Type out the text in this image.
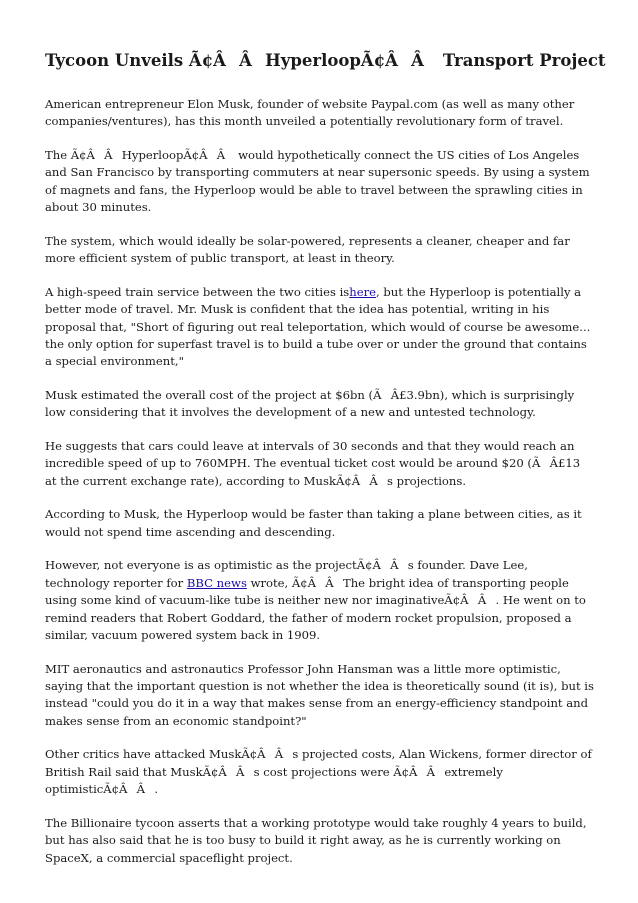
Tycoon Unveils Ã¢ÂÂHyperloopÃ¢ÂÂ Transport Project

American entrepreneur Elon Musk, founder of website Paypal.com (as well as many other companies/ventures), has this month unveiled a potentially revolutionary form of travel.

The Ã¢ÂÂHyperloopÃ¢ÂÂ would hypothetically connect the US cities of Los Angeles and San Francisco by transporting commuters at near supersonic speeds. By using a system of magnets and fans, the Hyperloop would be able to travel between the sprawling cities in about 30 minutes.

The system, which would ideally be solar-powered, represents a cleaner, cheaper and far more efficient system of public transport, at least in theory.

A high-speed train service between the two cities ishere, but the Hyperloop is potentially a better mode of travel. Mr. Musk is confident that the idea has potential, writing in his proposal that, "Short of figuring out real teleportation, which would of course be awesome... the only option for superfast travel is to build a tube over or under the ground that contains a special environment,"

Musk estimated the overall cost of the project at $6bn (ÃÂ£3.9bn), which is surprisingly low considering that it involves the development of a new and untested technology.

He suggests that cars could leave at intervals of 30 seconds and that they would reach an incredible speed of up to 760MPH. The eventual ticket cost would be around $20 (ÃÂ£13 at the current exchange rate), according to MuskÃ¢ÂÂs projections.

According to Musk, the Hyperloop would be faster than taking a plane between cities, as it would not spend time ascending and descending.

However, not everyone is as optimistic as the projectÃ¢ÂÂs founder. Dave Lee, technology reporter for BBC news wrote, Ã¢ÂÂThe bright idea of transporting people using some kind of vacuum-like tube is neither new nor imaginativeÃ¢ÂÂ. He went on to remind readers that Robert Goddard, the father of modern rocket propulsion, proposed a similar, vacuum powered system back in 1909.

MIT aeronautics and astronautics Professor John Hansman was a little more optimistic, saying that the important question is not whether the idea is theoretically sound (it is), but is instead "could you do it in a way that makes sense from an energy-efficiency standpoint and makes sense from an economic standpoint?"

Other critics have attacked MuskÃ¢ÂÂs projected costs, Alan Wickens, former director of British Rail said that MuskÃ¢ÂÂs cost projections were Ã¢ÂÂextremely optimisticÃ¢ÂÂ.

The Billionaire tycoon asserts that a working prototype would take roughly 4 years to build, but has also said that he is too busy to build it right away, as he is currently working on SpaceX, a commercial spaceflight project.
